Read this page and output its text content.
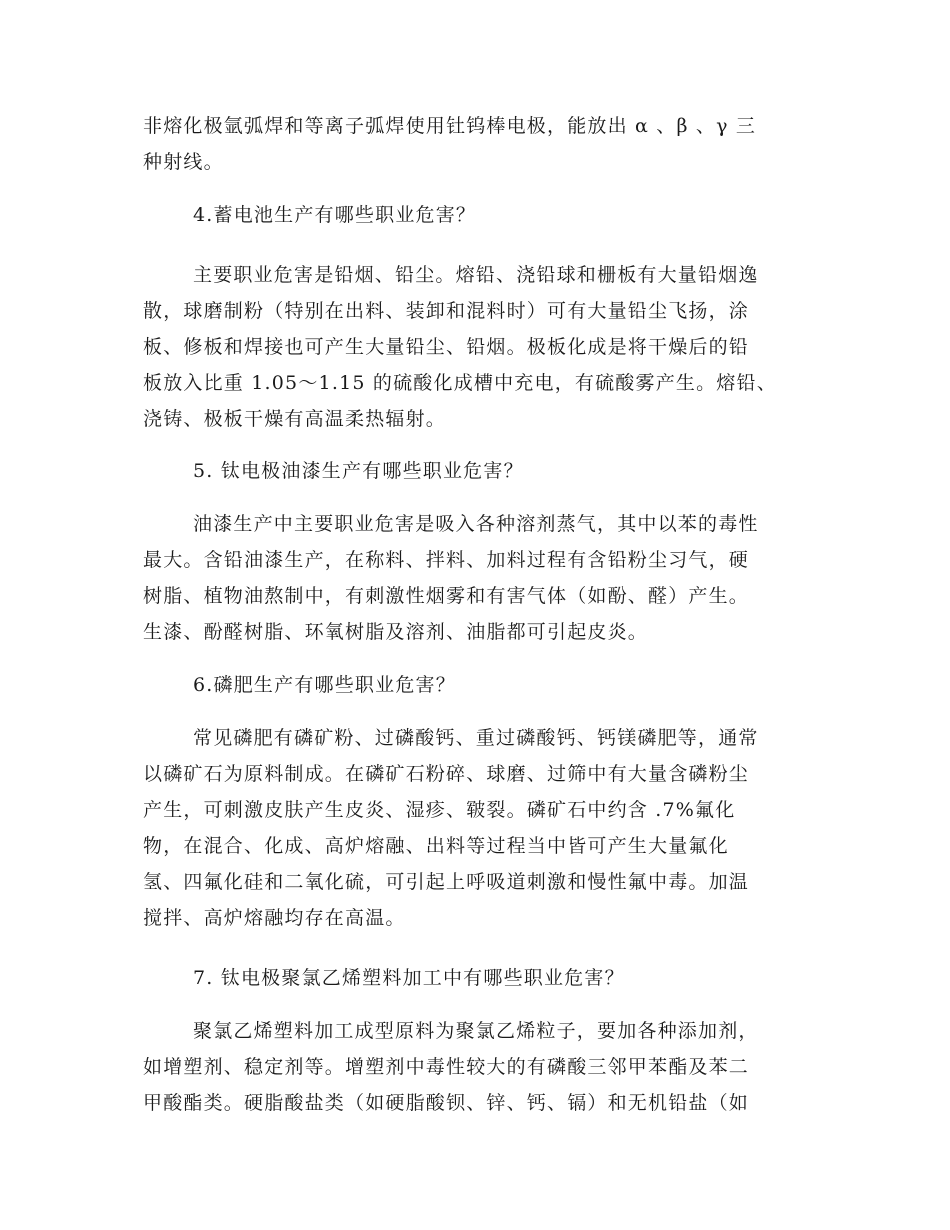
非熔化极氩弧焊和等离子弧焊使用钍钨棒电极，能放出 α 、β 、γ 三
种射线。

4.蓄电池生产有哪些职业危害？

主要职业危害是铅烟、铅尘。熔铅、浇铅球和栅板有大量铅烟逸
散，球磨制粉（特别在出料、装卸和混料时）可有大量铅尘飞扬，涂
板、修板和焊接也可产生大量铅尘、铅烟。极板化成是将干燥后的铅
板放入比重 1.05～1.15 的硫酸化成槽中充电，有硫酸雾产生。熔铅、
浇铸、极板干燥有高温柔热辐射。

5. 钛电极油漆生产有哪些职业危害？

油漆生产中主要职业危害是吸入各种溶剂蒸气，其中以苯的毒性
最大。含铅油漆生产，在称料、拌料、加料过程有含铅粉尘习气，硬
树脂、植物油熬制中，有刺激性烟雾和有害气体（如酚、醛）产生。
生漆、酚醛树脂、环氧树脂及溶剂、油脂都可引起皮炎。

6.磷肥生产有哪些职业危害？

常见磷肥有磷矿粉、过磷酸钙、重过磷酸钙、钙镁磷肥等，通常
以磷矿石为原料制成。在磷矿石粉碎、球磨、过筛中有大量含磷粉尘
产生，可刺激皮肤产生皮炎、湿疹、皲裂。磷矿石中约含 .7%氟化
物，在混合、化成、高炉熔融、出料等过程当中皆可产生大量氟化
氢、四氟化硅和二氧化硫，可引起上呼吸道刺激和慢性氟中毒。加温
搅拌、高炉熔融均存在高温。

7. 钛电极聚氯乙烯塑料加工中有哪些职业危害？

聚氯乙烯塑料加工成型原料为聚氯乙烯粒子，要加各种添加剂，
如增塑剂、稳定剂等。增塑剂中毒性较大的有磷酸三邻甲苯酯及苯二
甲酸酯类。硬脂酸盐类（如硬脂酸钡、锌、钙、镉）和无机铅盐（如
